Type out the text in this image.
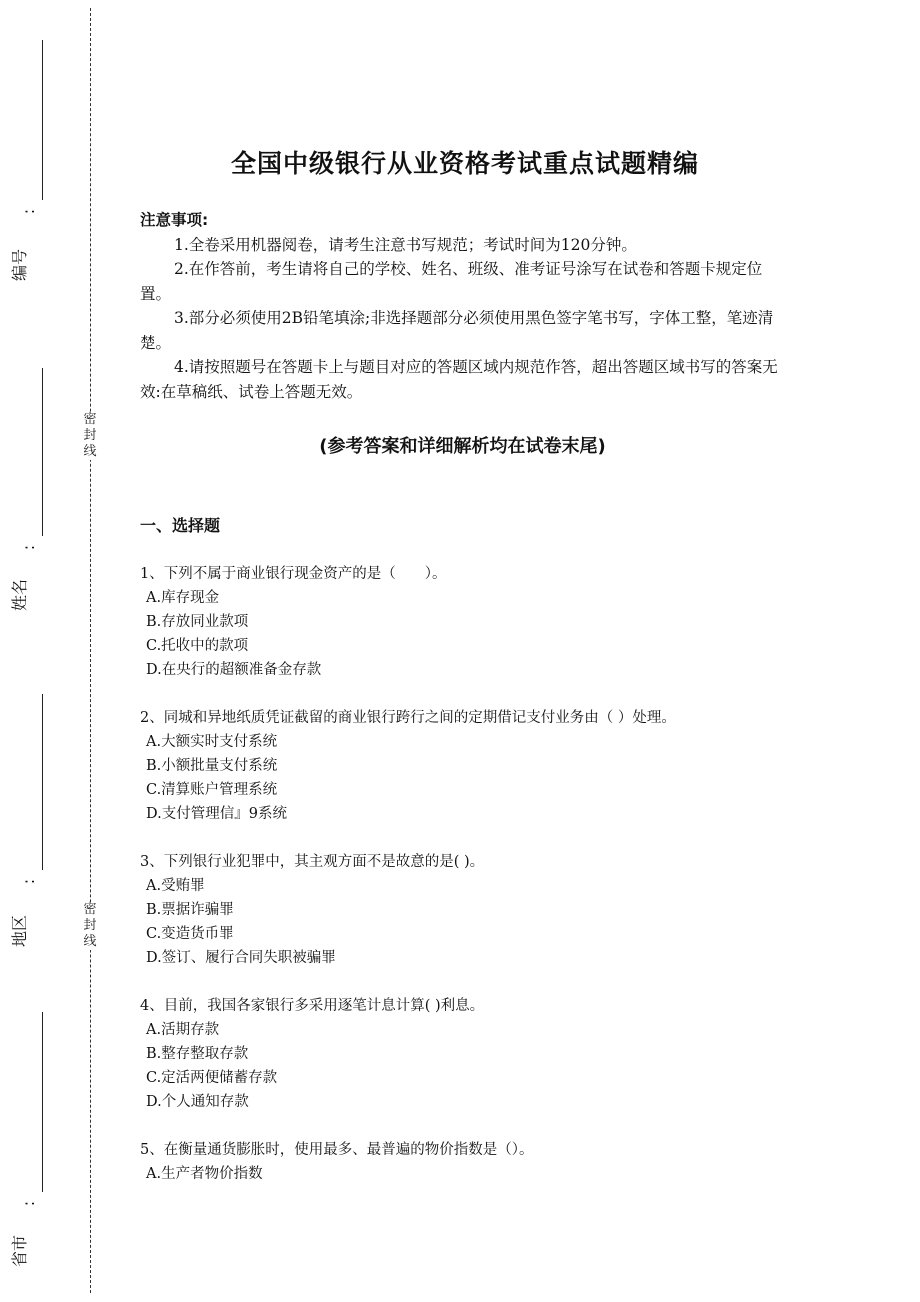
密
封
线
密
封
线
:
编号
:
姓名
:
地区
:
省市
全国中级银行从业资格考试重点试题精编
注意事项:

1.全卷采用机器阅卷，请考生注意书写规范；考试时间为120分钟。

2.在作答前，考生请将自己的学校、姓名、班级、准考证号涂写在试卷和答题卡规定位置。

3.部分必须使用2B铅笔填涂;非选择题部分必须使用黑色签字笔书写，字体工整，笔迹清楚。

4.请按照题号在答题卡上与题目对应的答题区域内规范作答，超出答题区域书写的答案无效:在草稿纸、试卷上答题无效。

(参考答案和详细解析均在试卷末尾)
一、选择题
1、下列不属于商业银行现金资产的是（　　）。
A.库存现金
B.存放同业款项
C.托收中的款项
D.在央行的超额准备金存款
2、同城和异地纸质凭证截留的商业银行跨行之间的定期借记支付业务由（ ）处理。
A.大额实时支付系统
B.小额批量支付系统
C.清算账户管理系统
D.支付管理信』9系统
3、下列银行业犯罪中，其主观方面不是故意的是( )。
A.受贿罪
B.票据诈骗罪
C.变造货币罪
D.签订、履行合同失职被骗罪
4、目前，我国各家银行多采用逐笔计息计算( )利息。
A.活期存款
B.整存整取存款
C.定活两便储蓄存款
D.个人通知存款
5、在衡量通货膨胀时，使用最多、最普遍的物价指数是（）。
A.生产者物价指数
